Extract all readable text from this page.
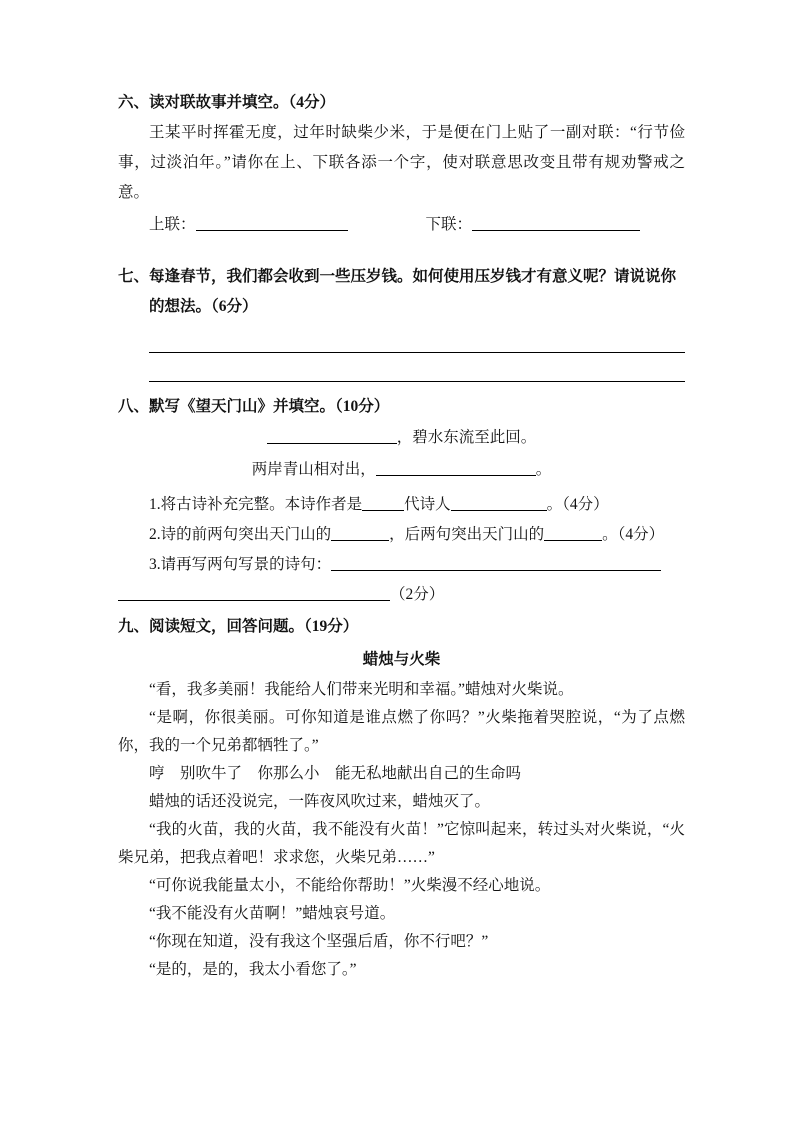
六、读对联故事并填空。（4分）

王某平时挥霍无度，过年时缺柴少米，于是便在门上贴了一副对联：“行节俭事，过淡泊年。”请你在上、下联各添一个字，使对联意思改变且带有规劝警戒之意。

上联：	下联：
七、每逢春节，我们都会收到一些压岁钱。如何使用压岁钱才有意义呢？请说说你的想法。（6分）
八、默写《望天门山》并填空。（10分）
，碧水东流至此回。
两岸青山相对出，	。
1.将古诗补充完整。本诗作者是	代诗人	。（4分）
2.诗的前两句突出天门山的	，后两句突出天门山的	。（4分）
3.请再写两句写景的诗句：
（2分）
九、阅读短文，回答问题。（19分）
蜡烛与火柴

“看，我多美丽！我能给人们带来光明和幸福。”蜡烛对火柴说。

“是啊，你很美丽。可你知道是谁点燃了你吗？”火柴拖着哭腔说，“为了点燃你，我的一个兄弟都牺牲了。”

哼　别吹牛了　你那么小　能无私地献出自己的生命吗

蜡烛的话还没说完，一阵夜风吹过来，蜡烛灭了。

“我的火苗，我的火苗，我不能没有火苗！”它惊叫起来，转过头对火柴说，“火柴兄弟，把我点着吧！求求您，火柴兄弟……”

“可你说我能量太小，不能给你帮助！”火柴漫不经心地说。

“我不能没有火苗啊！”蜡烛哀号道。

“你现在知道，没有我这个坚强后盾，你不行吧？”

“是的，是的，我太小看您了。”
